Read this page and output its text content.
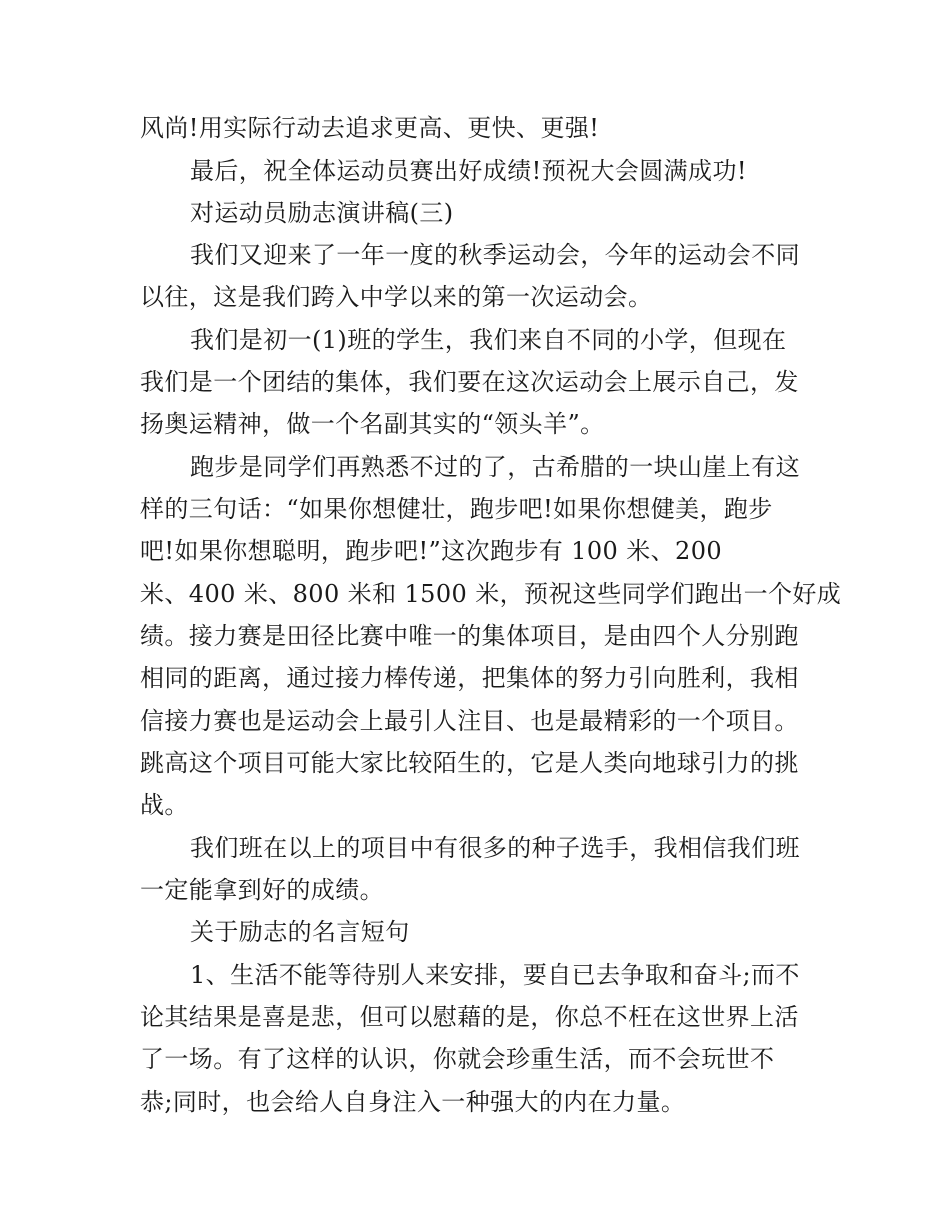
风尚!用实际行动去追求更高、更快、更强!
最后，祝全体运动员赛出好成绩!预祝大会圆满成功!
对运动员励志演讲稿(三)
我们又迎来了一年一度的秋季运动会，今年的运动会不同
以往，这是我们跨入中学以来的第一次运动会。
我们是初一(1)班的学生，我们来自不同的小学，但现在
我们是一个团结的集体，我们要在这次运动会上展示自己，发
扬奥运精神，做一个名副其实的“领头羊”。
跑步是同学们再熟悉不过的了，古希腊的一块山崖上有这
样的三句话：“如果你想健壮，跑步吧!如果你想健美，跑步
吧!如果你想聪明，跑步吧!”这次跑步有 100 米、200
米、400 米、800 米和 1500 米，预祝这些同学们跑出一个好成
绩。接力赛是田径比赛中唯一的集体项目，是由四个人分别跑
相同的距离，通过接力棒传递，把集体的努力引向胜利，我相
信接力赛也是运动会上最引人注目、也是最精彩的一个项目。
跳高这个项目可能大家比较陌生的，它是人类向地球引力的挑
战。
我们班在以上的项目中有很多的种子选手，我相信我们班
一定能拿到好的成绩。
关于励志的名言短句
1、生活不能等待别人来安排，要自已去争取和奋斗;而不
论其结果是喜是悲，但可以慰藉的是，你总不枉在这世界上活
了一场。有了这样的认识，你就会珍重生活，而不会玩世不
恭;同时，也会给人自身注入一种强大的内在力量。
